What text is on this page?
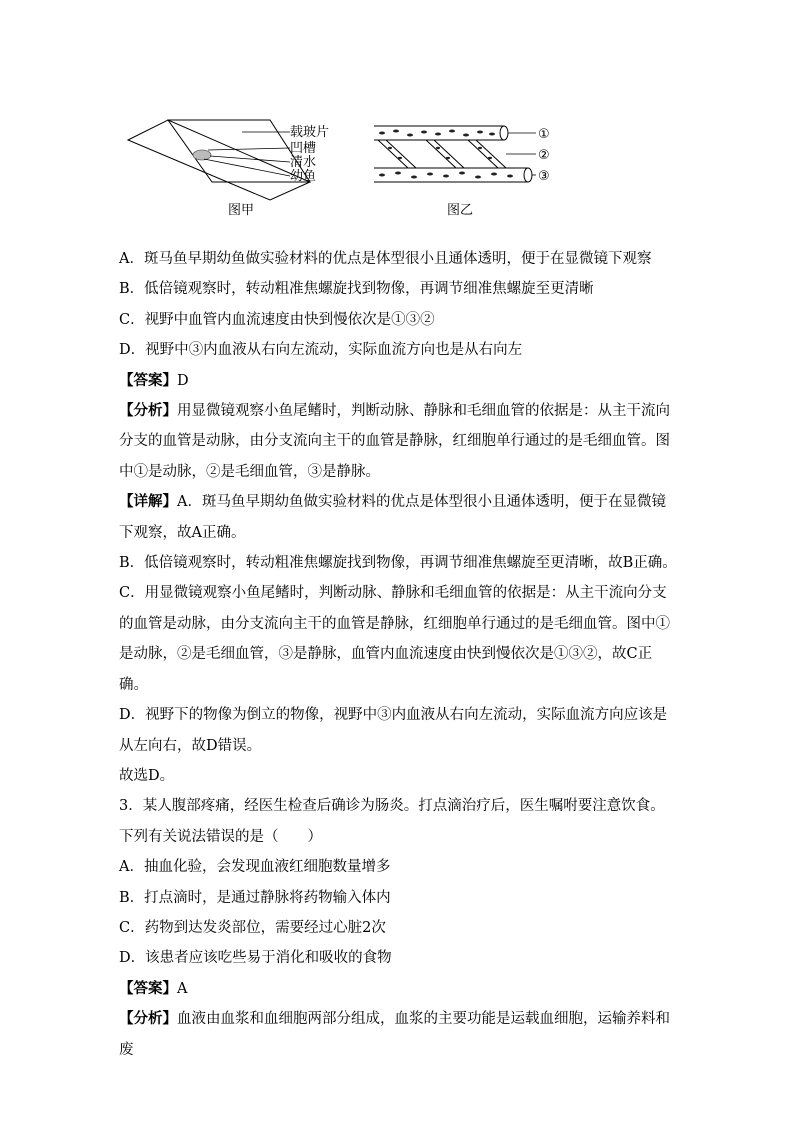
载玻片
凹槽
清水
幼鱼
图甲
①
②
③
图乙

A．斑马鱼早期幼鱼做实验材料的优点是体型很小且通体透明，便于在显微镜下观察

B．低倍镜观察时，转动粗准焦螺旋找到物像，再调节细准焦螺旋至更清晰

C．视野中血管内血流速度由快到慢依次是①③②

D．视野中③内血液从右向左流动，实际血流方向也是从右向左

【答案】D

【分析】用显微镜观察小鱼尾鳍时，判断动脉、静脉和毛细血管的依据是：从主干流向分支的血管是动脉，由分支流向主干的血管是静脉，红细胞单行通过的是毛细血管。图中①是动脉，②是毛细血管，③是静脉。

【详解】A．斑马鱼早期幼鱼做实验材料的优点是体型很小且通体透明，便于在显微镜下观察，故A正确。

B．低倍镜观察时，转动粗准焦螺旋找到物像，再调节细准焦螺旋至更清晰，故B正确。

C．用显微镜观察小鱼尾鳍时，判断动脉、静脉和毛细血管的依据是：从主干流向分支的血管是动脉，由分支流向主干的血管是静脉，红细胞单行通过的是毛细血管。图中①是动脉，②是毛细血管，③是静脉，血管内血流速度由快到慢依次是①③②，故C正确。

D．视野下的物像为倒立的物像，视野中③内血液从右向左流动，实际血流方向应该是从左向右，故D错误。

故选D。

3．某人腹部疼痛，经医生检查后确诊为肠炎。打点滴治疗后，医生嘱咐要注意饮食。下列有关说法错误的是（　　）

A．抽血化验，会发现血液红细胞数量增多

B．打点滴时，是通过静脉将药物输入体内

C．药物到达发炎部位，需要经过心脏2次

D．该患者应该吃些易于消化和吸收的食物

【答案】A

【分析】血液由血浆和血细胞两部分组成，血浆的主要功能是运载血细胞，运输养料和废
